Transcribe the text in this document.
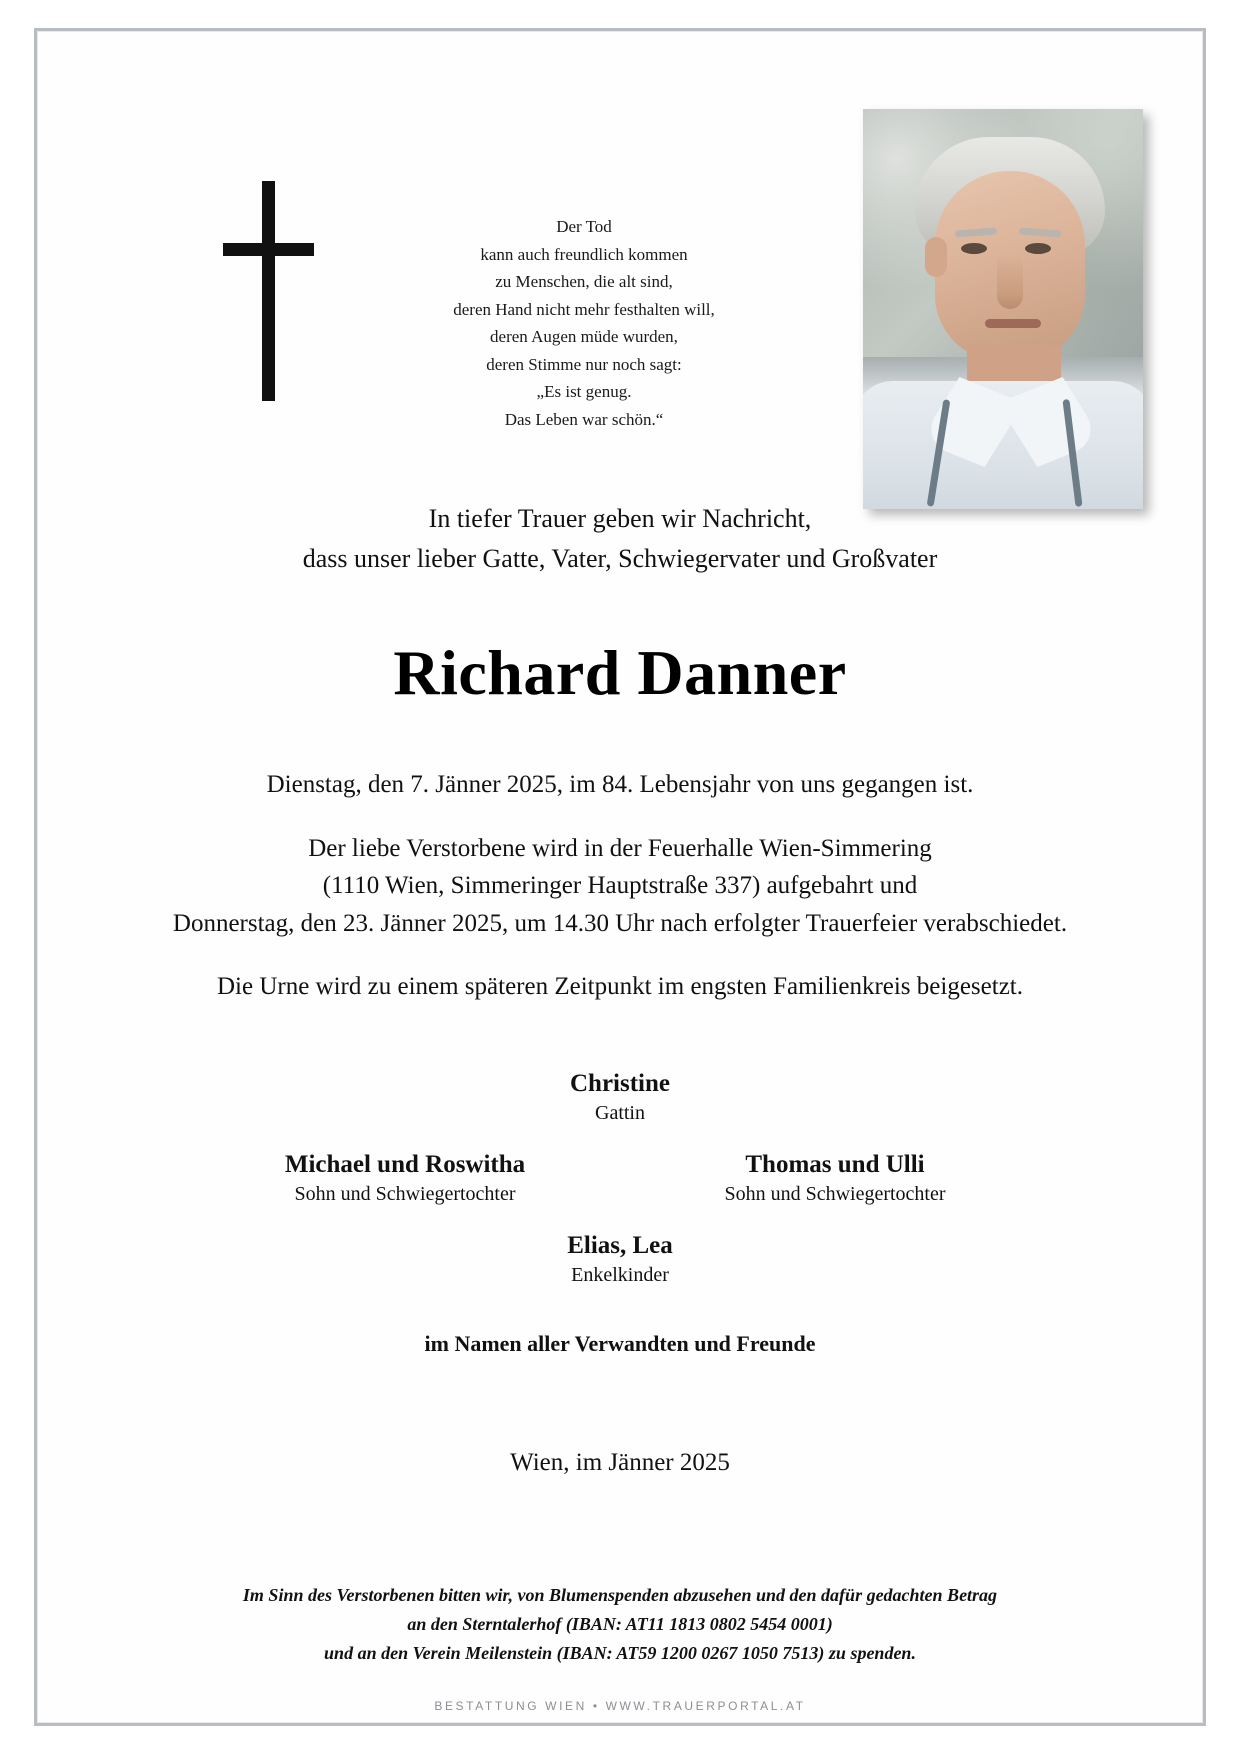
Der Tod
kann auch freundlich kommen
zu Menschen, die alt sind,
deren Hand nicht mehr festhalten will,
deren Augen müde wurden,
deren Stimme nur noch sagt:
„Es ist genug.
Das Leben war schön.“
In tiefer Trauer geben wir Nachricht,
dass unser lieber Gatte, Vater, Schwiegervater und Großvater
Richard Danner
Dienstag, den 7. Jänner 2025, im 84. Lebensjahr von uns gegangen ist.
Der liebe Verstorbene wird in der Feuerhalle Wien-Simmering
(1110 Wien, Simmeringer Hauptstraße 337) aufgebahrt und
Donnerstag, den 23. Jänner 2025, um 14.30 Uhr nach erfolgter Trauerfeier verabschiedet.
Die Urne wird zu einem späteren Zeitpunkt im engsten Familienkreis beigesetzt.
Christine
Gattin
Michael und Roswitha
Sohn und Schwiegertochter
Thomas und Ulli
Sohn und Schwiegertochter
Elias, Lea
Enkelkinder
im Namen aller Verwandten und Freunde
Wien, im Jänner 2025
Im Sinn des Verstorbenen bitten wir, von Blumenspenden abzusehen und den dafür gedachten Betrag
an den Sterntalerhof (IBAN: AT11 1813 0802 5454 0001)
und an den Verein Meilenstein (IBAN: AT59 1200 0267 1050 7513) zu spenden.
BESTATTUNG WIEN • WWW.TRAUERPORTAL.AT
